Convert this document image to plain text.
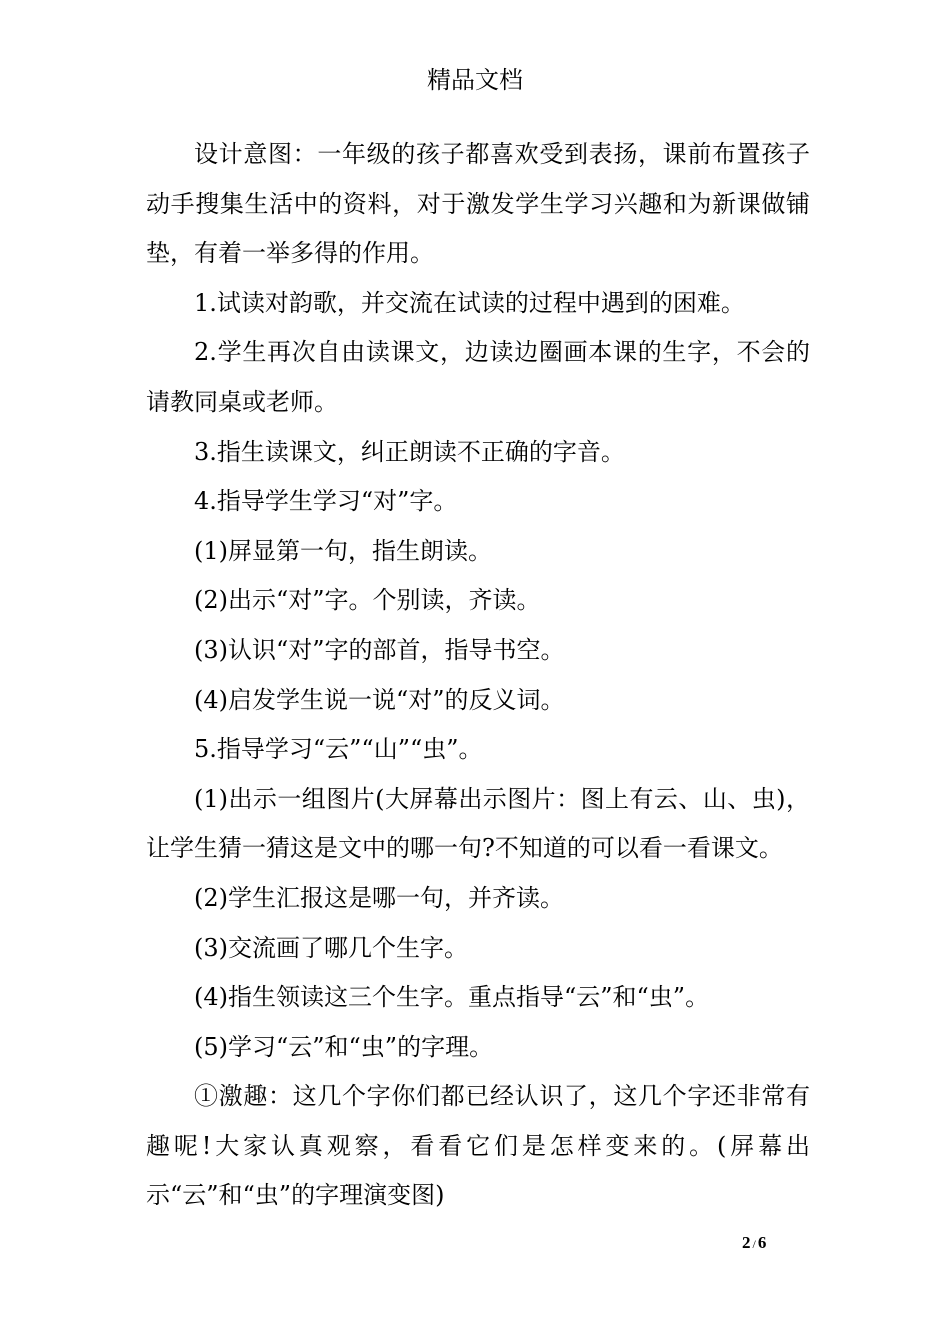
精品文档

设计意图：一年级的孩子都喜欢受到表扬，课前布置孩子动手搜集生活中的资料，对于激发学生学习兴趣和为新课做铺垫，有着一举多得的作用。

1.试读对韵歌，并交流在试读的过程中遇到的困难。

2.学生再次自由读课文，边读边圈画本课的生字，不会的请教同桌或老师。

3.指生读课文，纠正朗读不正确的字音。

4.指导学生学习“对”字。

(1)屏显第一句，指生朗读。

(2)出示“对”字。个别读，齐读。

(3)认识“对”字的部首，指导书空。

(4)启发学生说一说“对”的反义词。

5.指导学习“云”“山”“虫”。

(1)出示一组图片(大屏幕出示图片：图上有云、山、虫)，让学生猜一猜这是文中的哪一句?不知道的可以看一看课文。

(2)学生汇报这是哪一句，并齐读。

(3)交流画了哪几个生字。

(4)指生领读这三个生字。重点指导“云”和“虫”。

(5)学习“云”和“虫”的字理。

①激趣：这几个字你们都已经认识了，这几个字还非常有趣呢!大家认真观察，看看它们是怎样变来的。(屏幕出示“云”和“虫”的字理演变图)

2 / 6
